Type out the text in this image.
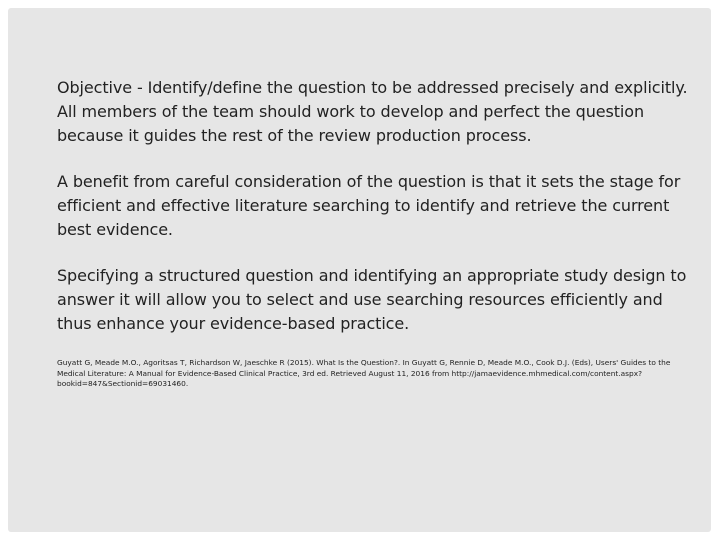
Objective - Identify/define the question to be addressed precisely and explicitly. All members of the team should work to develop and perfect the question because it guides the rest of the review production process.

A benefit from careful consideration of the question is that it sets the stage for efficient and effective literature searching to identify and retrieve the current best evidence.

Specifying a structured question and identifying an appropriate study design to answer it will allow you to select and use searching resources efficiently and thus enhance your evidence-based practice.

Guyatt G, Meade M.O., Agoritsas T, Richardson W, Jaeschke R (2015). What Is the Question?. In Guyatt G, Rennie D, Meade M.O., Cook D.J. (Eds), Users' Guides to the Medical Literature: A Manual for Evidence-Based Clinical Practice, 3rd ed. Retrieved August 11, 2016 from http://jamaevidence.mhmedical.com/content.aspx?bookid=847&Sectionid=69031460.
